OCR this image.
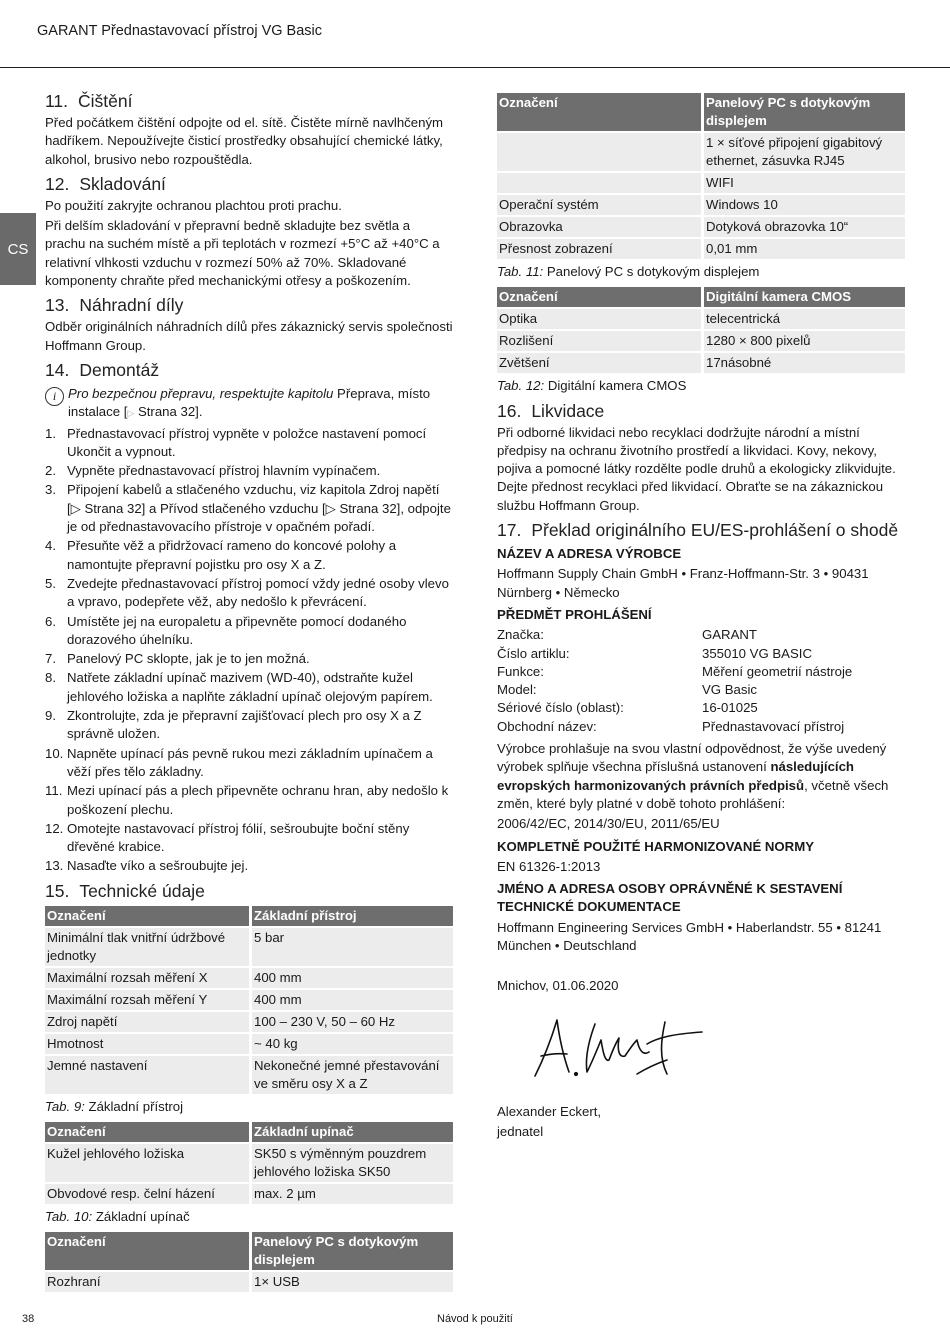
GARANT Přednastavovací přístroj VG Basic
CS
11. Čištění

Před počátkem čištění odpojte od el. sítě. Čistěte mírně navlhčeným hadříkem. Nepoužívejte čisticí prostředky obsahující chemické látky, alkohol, brusivo nebo rozpouštědla.

12. Skladování

Po použití zakryjte ochranou plachtou proti prachu.

Při delším skladování v přepravní bedně skladujte bez světla a prachu na suchém místě a při teplotách v rozmezí +5°C až +40°C a relativní vlhkosti vzduchu v rozmezí 50% až 70%. Skladované komponenty chraňte před mechanickými otřesy a poškozením.

13. Náhradní díly

Odběr originálních náhradních dílů přes zákaznický servis společnosti Hoffmann Group.

14. Demontáž
i Pro bezpečnou přepravu, respektujte kapitolu Přeprava, místo instalace [▷ Strana 32].
1. Přednastavovací přístroj vypněte v položce nastavení pomocí Ukončit a vypnout.
2. Vypněte přednastavovací přístroj hlavním vypínačem.
3. Připojení kabelů a stlačeného vzduchu, viz kapitola Zdroj napětí [▷ Strana 32] a Přívod stlačeného vzduchu [▷ Strana 32], odpojte je od přednastavovacího přístroje v opačném pořadí.
4. Přesuňte věž a přidržovací rameno do koncové polohy a namontujte přepravní pojistku pro osy X a Z.
5. Zvedejte přednastavovací přístroj pomocí vždy jedné osoby vlevo a vpravo, podepřete věž, aby nedošlo k převrácení.
6. Umístěte jej na europaletu a připevněte pomocí dodaného dorazového úhelníku.
7. Panelový PC sklopte, jak je to jen možná.
8. Natřete základní upínač mazivem (WD-40), odstraňte kužel jehlového ložiska a naplňte základní upínač olejovým papírem.
9. Zkontrolujte, zda je přepravní zajišťovací plech pro osy X a Z správně uložen.
10. Napněte upínací pás pevně rukou mezi základním upínačem a věží přes tělo základny.
11. Mezi upínací pás a plech připevněte ochranu hran, aby nedošlo k poškození plechu.
12. Omotejte nastavovací přístroj fólií, sešroubujte boční stěny dřevěné krabice.
13. Nasaďte víko a sešroubujte jej.
15. Technické údaje
Označení	Základní přístroj
Minimální tlak vnitřní údržbové jednotky	5 bar
Maximální rozsah měření X	400 mm
Maximální rozsah měření Y	400 mm
Zdroj napětí	100 – 230 V, 50 – 60 Hz
Hmotnost	~ 40 kg
Jemné nastavení	Nekonečné jemné přestavování ve směru osy X a Z
Tab. 9: Základní přístroj
Označení	Základní upínač
Kužel jehlového ložiska	SK50 s výměnným pouzdrem jehlového ložiska SK50
Obvodové resp. čelní házení	max. 2 µm
Tab. 10: Základní upínač
Označení	Panelový PC s dotykovým displejem
Rozhraní	1× USB
Označení	Panelový PC s dotykovým displejem
	1 × síťové připojení gigabitový ethernet, zásuvka RJ45
	WIFI
Operační systém	Windows 10
Obrazovka	Dotyková obrazovka 10“
Přesnost zobrazení	0,01 mm
Tab. 11: Panelový PC s dotykovým displejem
Označení	Digitální kamera CMOS
Optika	telecentrická
Rozlišení	1280 × 800 pixelů
Zvětšení	17násobné
Tab. 12: Digitální kamera CMOS
16. Likvidace

Při odborné likvidaci nebo recyklaci dodržujte národní a místní předpisy na ochranu životního prostředí a likvidaci. Kovy, nekovy, pojiva a pomocné látky rozdělte podle druhů a ekologicky zlikvidujte. Dejte přednost recyklaci před likvidací. Obraťte se na zákaznickou službu Hoffmann Group.

17. Překlad originálního EU/ES-prohlášení o shodě
NÁZEV A ADRESA VÝROBCE

Hoffmann Supply Chain GmbH • Franz-Hoffmann-Str. 3 • 90431 Nürnberg • Německo

PŘEDMĚT PROHLÁŠENÍ
Značka:	GARANT
Číslo artiklu:	355010 VG BASIC
Funkce:	Měření geometrií nástroje
Model:	VG Basic
Sériové číslo (oblast):	16-01025
Obchodní název:	Přednastavovací přístroj

Výrobce prohlašuje na svou vlastní odpovědnost, že výše uvedený výrobek splňuje všechna příslušná ustanovení následujících evropských harmonizovaných právních předpisů, včetně všech změn, které byly platné v době tohoto prohlášení:

2006/42/EC, 2014/30/EU, 2011/65/EU

KOMPLETNĚ POUŽITÉ HARMONIZOVANÉ NORMY

EN 61326-1:2013

JMÉNO A ADRESA OSOBY OPRÁVNĚNÉ K SESTAVENÍ TECHNICKÉ DOKUMENTACE

Hoffmann Engineering Services GmbH • Haberlandstr. 55 • 81241 München • Deutschland

Mnichov, 01.06.2020

Alexander Eckert,

jednatel

38	Návod k použití
